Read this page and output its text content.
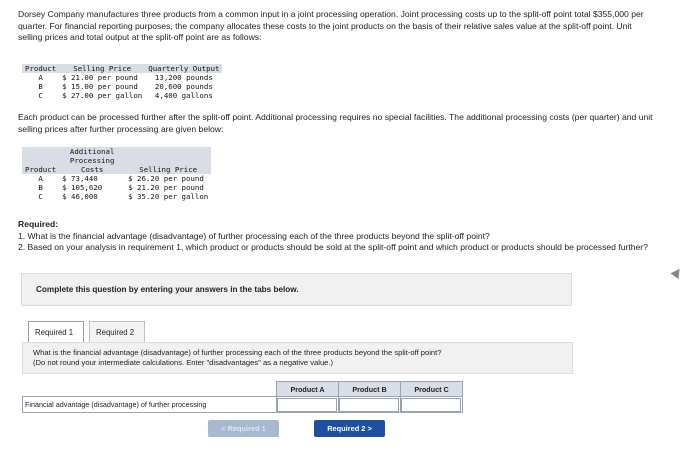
Dorsey Company manufactures three products from a common input in a joint processing operation. Joint processing costs up to the split-off point total $355,000 per quarter. For financial reporting purposes, the company allocates these costs to the joint products on the basis of their relative sales value at the split-off point. Unit selling prices and total output at the split-off point are as follows:
Product	Selling Price	Quarterly Output
A	$ 21.00 per pound	13,200 pounds
B	$ 15.00 per pound	20,600 pounds
C	$ 27.00 per gallon	4,400 gallons
Each product can be processed further after the split-off point. Additional processing requires no special facilities. The additional processing costs (per quarter) and unit selling prices after further processing are given below:
Product	Additional Processing Costs	Selling Price
A	$ 73,440	$ 26.20 per pound
B	$ 105,620	$ 21.20 per pound
C	$ 46,000	$ 35.20 per gallon
Required:
1. What is the financial advantage (disadvantage) of further processing each of the three products beyond the split-off point?
2. Based on your analysis in requirement 1, which product or products should be sold at the split-off point and which product or products should be processed further?
Complete this question by entering your answers in the tabs below.
Required 1	Required 2
What is the financial advantage (disadvantage) of further processing each of the three products beyond the split-off point?
(Do not round your intermediate calculations. Enter "disadvantages" as a negative value.)
	Product A	Product B	Product C
Financial advantage (disadvantage) of further processing			
< Required 1	Required 2 >
